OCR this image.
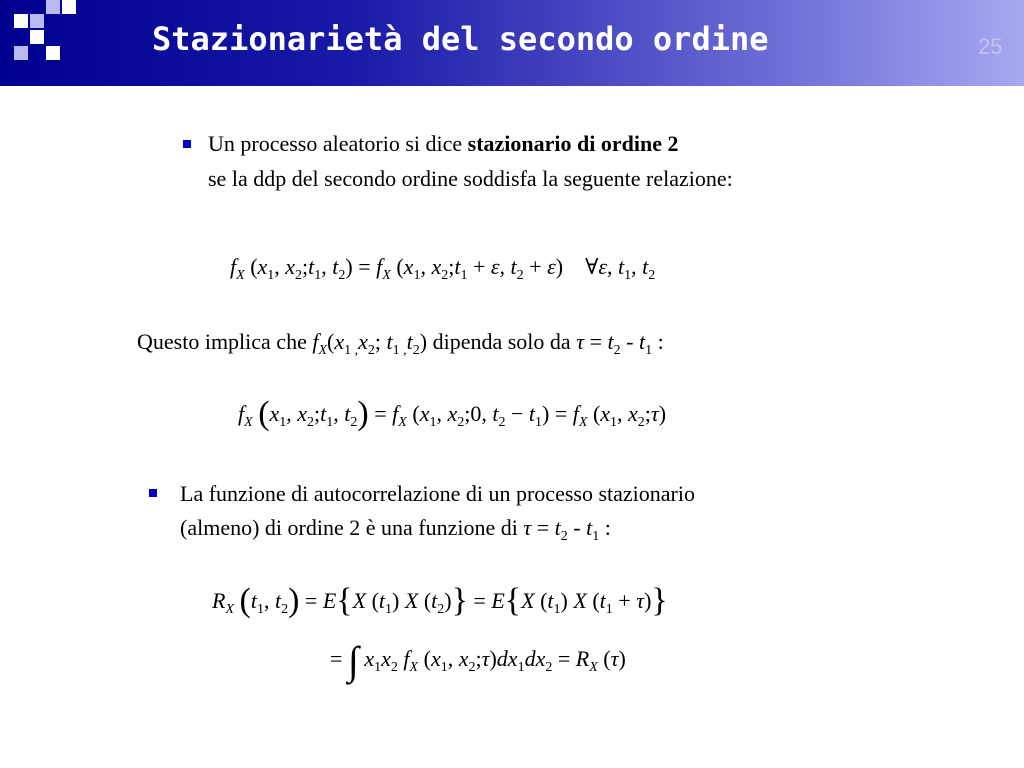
Stazionarietà del secondo ordine	25
Un processo aleatorio si dice stazionario di ordine 2
se la ddp del secondo ordine soddisfa la seguente relazione:
$f_X$ ($x_1$, $x_2;t_1$, $t_2) = f_X$ ($x_1$, $x_2;t_1 + \varepsilon$, $t_2 + \varepsilon$)    ∀ε, $t_1$, $t_2$
Questo implica che $f_X(x_{1 ,}x_2$; $t_{1 ,}t_2$) dipenda solo da $\tau = t_2 - t_1$ :
$f_X$ ($x_1$, $x_2;t_1$, $t_2) = f_X$ ($x_1$, $x_2;0$, $t_2 - t_1) = f_X$ ($x_1$, $x_2;\tau$)
La funzione di autocorrelazione di un processo stazionario
(almeno) di ordine 2 è una funzione di $\tau = t_2 - t_1$ :
$R_X$ ($t_1$, $t_2) = E\{X$ $(t_1)$ X $(t_2)\} = E\{X$ $(t_1)$ X $(t_1 + \tau)$}
= ∫ $x_1x_2$ $f_X$ ($x_1$, $x_2;\tau)dx_1dx_2 = R_X$ (τ)
